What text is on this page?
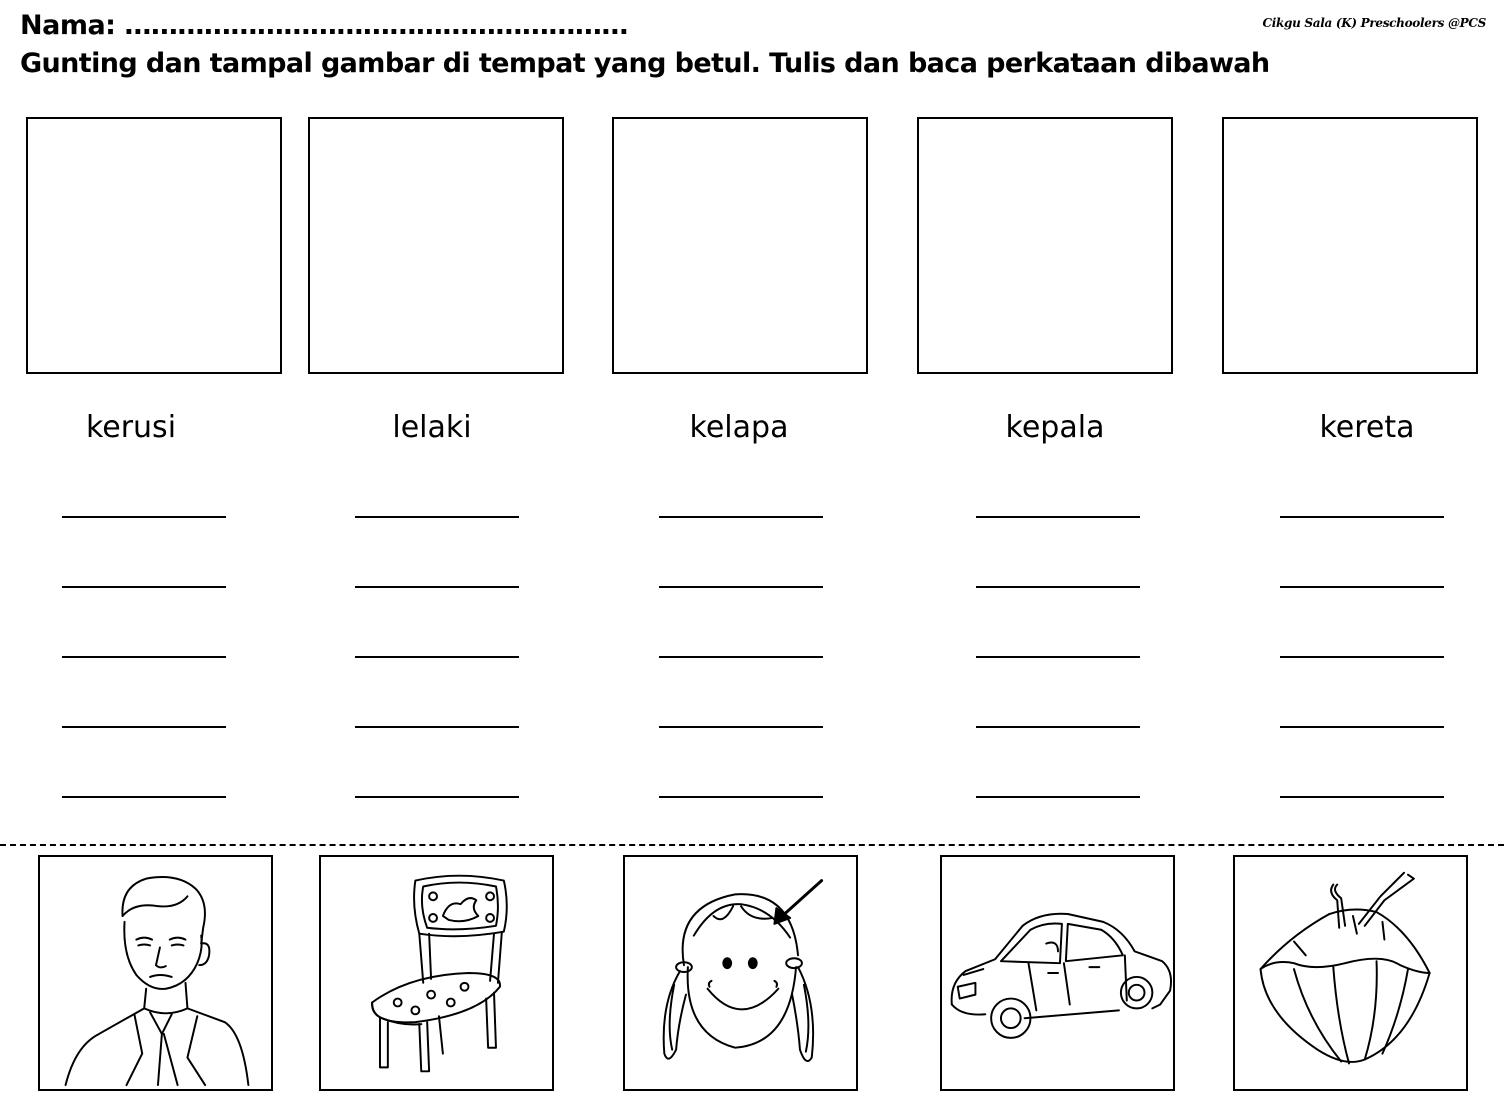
Nama: …………………………………………………
Gunting dan tampal gambar di tempat yang betul. Tulis dan baca perkataan dibawah
Cikgu Sala (K) Preschoolers @PCS
kerusi	lelaki	kelapa	kepala	kereta
